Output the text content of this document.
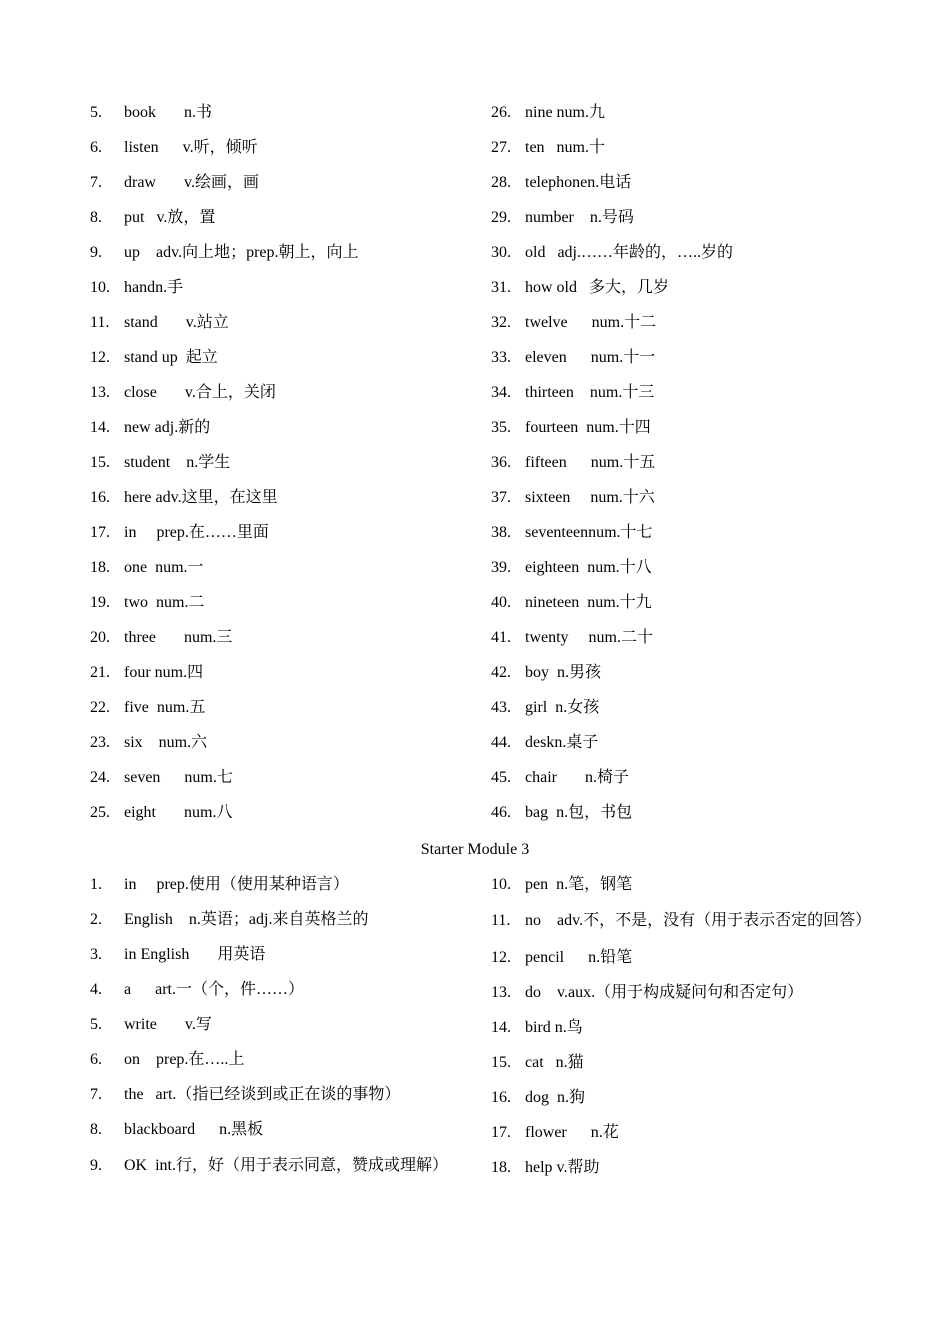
5.	book       n.书
6.	listen      v.听，倾听
7.	draw       v.绘画，画
8.	put   v.放，置
9.	up    adv.向上地；prep.朝上，向上
10. handn.手
11. stand       v.站立
12. stand up  起立
13. close       v.合上，关闭
14. new adj.新的
15. student    n.学生
16. here adv.这里，在这里
17. in     prep.在……里面
18. one  num.一
19. two  num.二
20. three       num.三
21. four num.四
22. five  num.五
23. six    num.六
24. seven      num.七
25. eight       num.八
26. nine num.九
27. ten   num.十
28. telephonen.电话
29. number    n.号码
30. old   adj.……年龄的，…..岁的
31. how old   多大，几岁
32. twelve      num.十二
33. eleven      num.十一
34. thirteen    num.十三
35. fourteen  num.十四
36. fifteen      num.十五
37. sixteen     num.十六
38. seventeennum.十七
39. eighteen  num.十八
40. nineteen  num.十九
41. twenty     num.二十
42. boy  n.男孩
43. girl  n.女孩
44. deskn.桌子
45. chair       n.椅子
46. bag  n.包，书包
Starter Module 3
1.	in     prep.使用（使用某种语言）
2.	English    n.英语；adj.来自英格兰的
3.	in English       用英语
4.	a      art.一（个，件……）
5.	write       v.写
6.	on    prep.在…..上
7.	the   art.（指已经谈到或正在谈的事物）
8.	blackboard      n.黑板
9.	OK  int.行，好（用于表示同意，赞成或理解）
10. pen  n.笔，钢笔
11. no    adv.不，不是，没有（用于表示否定的回答）
12. pencil      n.铅笔
13. do    v.aux.（用于构成疑问句和否定句）
14. bird n.鸟
15. cat   n.猫
16. dog  n.狗
17. flower      n.花
18. help v.帮助
